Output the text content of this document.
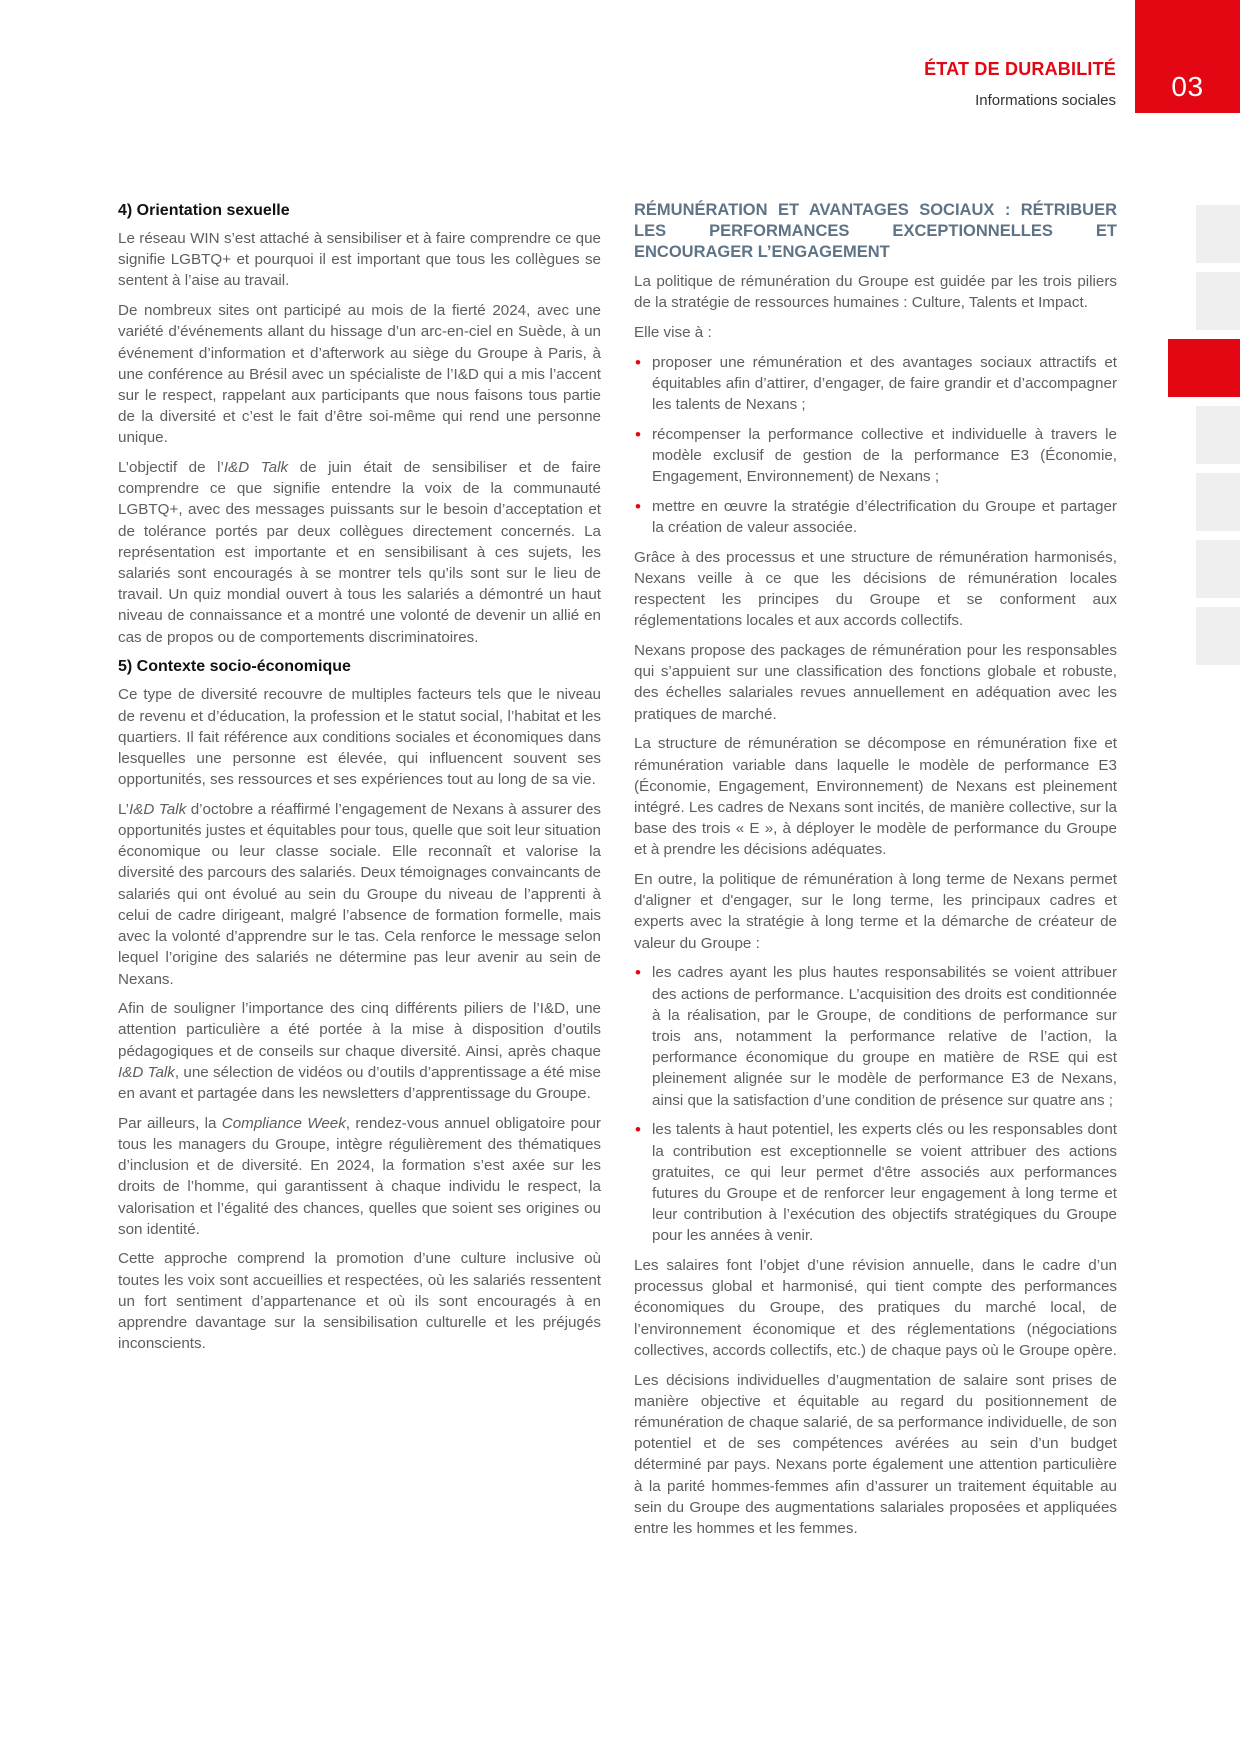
ÉTAT DE DURABILITÉ
Informations sociales	03
4) Orientation sexuelle

Le réseau WIN s’est attaché à sensibiliser et à faire comprendre ce que signifie LGBTQ+ et pourquoi il est important que tous les collègues se sentent à l’aise au travail.

De nombreux sites ont participé au mois de la fierté 2024, avec une variété d’événements allant du hissage d’un arc-en-ciel en Suède, à un événement d’information et d’afterwork au siège du Groupe à Paris, à une conférence au Brésil avec un spécialiste de l’I&D qui a mis l’accent sur le respect, rappelant aux participants que nous faisons tous partie de la diversité et c’est le fait d’être soi-même qui rend une personne unique.

L’objectif de l’I&D Talk de juin était de sensibiliser et de faire comprendre ce que signifie entendre la voix de la communauté LGBTQ+, avec des messages puissants sur le besoin d’acceptation et de tolérance portés par deux collègues directement concernés. La représentation est importante et en sensibilisant à ces sujets, les salariés sont encouragés à se montrer tels qu’ils sont sur le lieu de travail. Un quiz mondial ouvert à tous les salariés a démontré un haut niveau de connaissance et a montré une volonté de devenir un allié en cas de propos ou de comportements discriminatoires.

5) Contexte socio-économique

Ce type de diversité recouvre de multiples facteurs tels que le niveau de revenu et d’éducation, la profession et le statut social, l’habitat et les quartiers. Il fait référence aux conditions sociales et économiques dans lesquelles une personne est élevée, qui influencent souvent ses opportunités, ses ressources et ses expériences tout au long de sa vie.

L’I&D Talk d’octobre a réaffirmé l’engagement de Nexans à assurer des opportunités justes et équitables pour tous, quelle que soit leur situation économique ou leur classe sociale. Elle reconnaît et valorise la diversité des parcours des salariés. Deux témoignages convaincants de salariés qui ont évolué au sein du Groupe du niveau de l’apprenti à celui de cadre dirigeant, malgré l’absence de formation formelle, mais avec la volonté d’apprendre sur le tas. Cela renforce le message selon lequel l’origine des salariés ne détermine pas leur avenir au sein de Nexans.

Afin de souligner l’importance des cinq différents piliers de l’I&D, une attention particulière a été portée à la mise à disposition d’outils pédagogiques et de conseils sur chaque diversité. Ainsi, après chaque I&D Talk, une sélection de vidéos ou d’outils d’apprentissage a été mise en avant et partagée dans les newsletters d’apprentissage du Groupe.

Par ailleurs, la Compliance Week, rendez-vous annuel obligatoire pour tous les managers du Groupe, intègre régulièrement des thématiques d’inclusion et de diversité. En 2024, la formation s’est axée sur les droits de l’homme, qui garantissent à chaque individu le respect, la valorisation et l’égalité des chances, quelles que soient ses origines ou son identité.

Cette approche comprend la promotion d’une culture inclusive où toutes les voix sont accueillies et respectées, où les salariés ressentent un fort sentiment d’appartenance et où ils sont encouragés à en apprendre davantage sur la sensibilisation culturelle et les préjugés inconscients.

RÉMUNÉRATION ET AVANTAGES SOCIAUX : RÉTRIBUER LES PERFORMANCES EXCEPTIONNELLES ET ENCOURAGER L’ENGAGEMENT

La politique de rémunération du Groupe est guidée par les trois piliers de la stratégie de ressources humaines : Culture, Talents et Impact.

Elle vise à :

• proposer une rémunération et des avantages sociaux attractifs et équitables afin d’attirer, d’engager, de faire grandir et d’accompagner les talents de Nexans ;
• récompenser la performance collective et individuelle à travers le modèle exclusif de gestion de la performance E3 (Économie, Engagement, Environnement) de Nexans ;
• mettre en œuvre la stratégie d’électrification du Groupe et partager la création de valeur associée.

Grâce à des processus et une structure de rémunération harmonisés, Nexans veille à ce que les décisions de rémunération locales respectent les principes du Groupe et se conforment aux réglementations locales et aux accords collectifs.

Nexans propose des packages de rémunération pour les responsables qui s’appuient sur une classification des fonctions globale et robuste, des échelles salariales revues annuellement en adéquation avec les pratiques de marché.

La structure de rémunération se décompose en rémunération fixe et rémunération variable dans laquelle le modèle de performance E3 (Économie, Engagement, Environnement) de Nexans est pleinement intégré. Les cadres de Nexans sont incités, de manière collective, sur la base des trois « E », à déployer le modèle de performance du Groupe et à prendre les décisions adéquates.

En outre, la politique de rémunération à long terme de Nexans permet d'aligner et d'engager, sur le long terme, les principaux cadres et experts avec la stratégie à long terme et la démarche de créateur de valeur du Groupe :

• les cadres ayant les plus hautes responsabilités se voient attribuer des actions de performance. L’acquisition des droits est conditionnée à la réalisation, par le Groupe, de conditions de performance sur trois ans, notamment la performance relative de l’action, la performance économique du groupe en matière de RSE qui est pleinement alignée sur le modèle de performance E3 de Nexans, ainsi que la satisfaction d’une condition de présence sur quatre ans ;
• les talents à haut potentiel, les experts clés ou les responsables dont la contribution est exceptionnelle se voient attribuer des actions gratuites, ce qui leur permet d'être associés aux performances futures du Groupe et de renforcer leur engagement à long terme et leur contribution à l’exécution des objectifs stratégiques du Groupe pour les années à venir.

Les salaires font l’objet d’une révision annuelle, dans le cadre d’un processus global et harmonisé, qui tient compte des performances économiques du Groupe, des pratiques du marché local, de l’environnement économique et des réglementations (négociations collectives, accords collectifs, etc.) de chaque pays où le Groupe opère.

Les décisions individuelles d’augmentation de salaire sont prises de manière objective et équitable au regard du positionnement de rémunération de chaque salarié, de sa performance individuelle, de son potentiel et de ses compétences avérées au sein d’un budget déterminé par pays. Nexans porte également une attention particulière à la parité hommes-femmes afin d’assurer un traitement équitable au sein du Groupe des augmentations salariales proposées et appliquées entre les hommes et les femmes.
